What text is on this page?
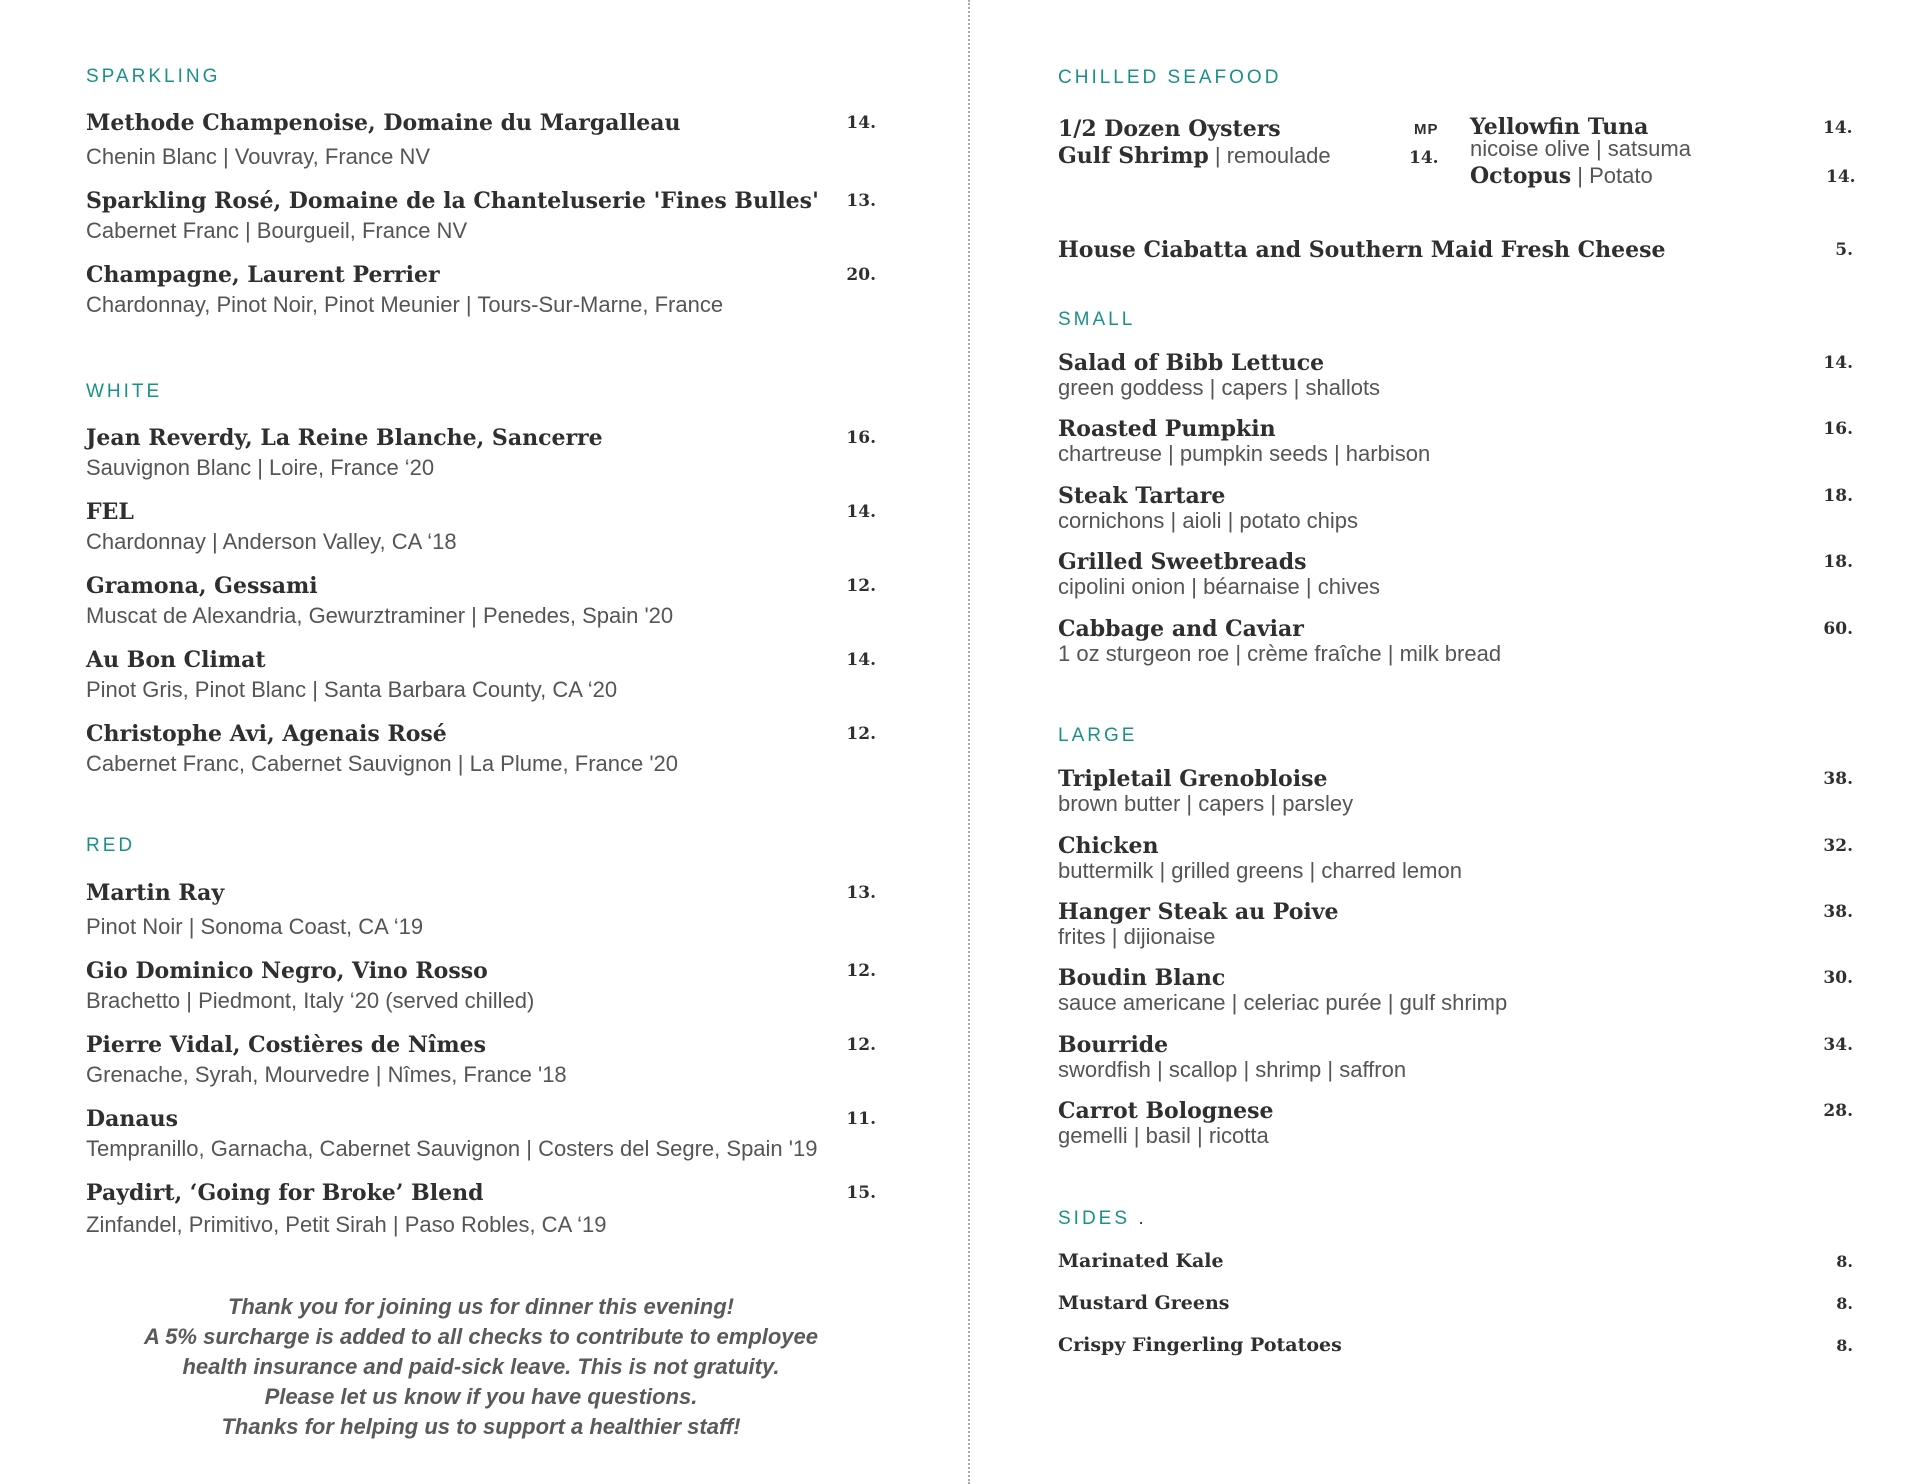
SPARKLING
Methode Champenoise, Domaine du Margalleau	14.
Chenin Blanc | Vouvray, France NV
Sparkling Rosé, Domaine de la Chanteluserie 'Fines Bulles' 13.
Cabernet Franc | Bourgueil, France NV
Champagne, Laurent Perrier	20.
Chardonnay, Pinot Noir, Pinot Meunier | Tours-Sur-Marne, France
WHITE
Jean Reverdy, La Reine Blanche, Sancerre	16.
Sauvignon Blanc | Loire, France ‘20
FEL	14.
Chardonnay | Anderson Valley, CA ‘18
Gramona, Gessami	12.
Muscat de Alexandria, Gewurztraminer | Penedes, Spain '20
Au Bon Climat	14.
Pinot Gris, Pinot Blanc | Santa Barbara County, CA ‘20
Christophe Avi, Agenais Rosé	12.
Cabernet Franc, Cabernet Sauvignon | La Plume, France '20
RED
Martin Ray	13.
Pinot Noir | Sonoma Coast, CA ‘19
Gio Dominico Negro, Vino Rosso	12.
Brachetto | Piedmont, Italy ‘20 (served chilled)
Pierre Vidal, Costières de Nîmes	12.
Grenache, Syrah, Mourvedre | Nîmes, France '18
Danaus	11.
Tempranillo, Garnacha, Cabernet Sauvignon | Costers del Segre, Spain '19
Paydirt, ‘Going for Broke’ Blend	15.
Zinfandel, Primitivo, Petit Sirah | Paso Robles, CA ‘19
Thank you for joining us for dinner this evening!
A 5% surcharge is added to all checks to contribute to employee
health insurance and paid-sick leave. This is not gratuity.
Please let us know if you have questions.
Thanks for helping us to support a healthier staff!
CHILLED SEAFOOD
1/2 Dozen Oysters	MP
Gulf Shrimp | remoulade	14.
Yellowfin Tuna	14.
nicoise olive | satsuma
Octopus | Potato	14.
House Ciabatta and Southern Maid Fresh Cheese	5.
SMALL
Salad of Bibb Lettuce	14.
green goddess | capers | shallots
Roasted Pumpkin	16.
chartreuse | pumpkin seeds | harbison
Steak Tartare	18.
cornichons | aioli | potato chips
Grilled Sweetbreads	18.
cipolini onion | béarnaise | chives
Cabbage and Caviar	60.
1 oz sturgeon roe | crème fraîche | milk bread
LARGE
Tripletail Grenobloise	38.
brown butter | capers | parsley
Chicken	32.
buttermilk | grilled greens | charred lemon
Hanger Steak au Poive	38.
frites | dijionaise
Boudin Blanc	30.
sauce americane | celeriac purée | gulf shrimp
Bourride	34.
swordfish | scallop | shrimp | saffron
Carrot Bolognese	28.
gemelli | basil | ricotta
SIDES .
Marinated Kale	8.
Mustard Greens	8.
Crispy Fingerling Potatoes	8.
